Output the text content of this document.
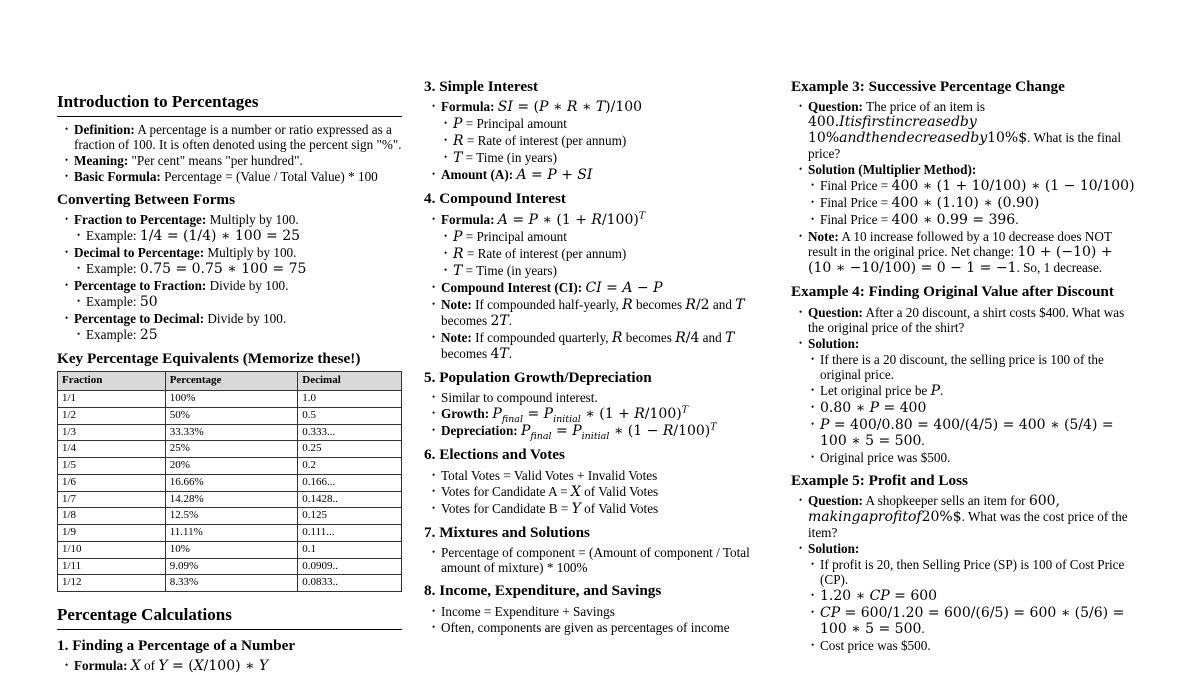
Introduction to Percentages
• Definition: A percentage is a number or ratio expressed as a fraction of 100. It is often denoted using the percent sign "%".
• Meaning: "Per cent" means "per hundred".
• Basic Formula: Percentage = (Value / Total Value) * 100
Converting Between Forms
• Fraction to Percentage: Multiply by 100.
• Example: 1/4 = (1/4) ∗ 100 = 25
• Decimal to Percentage: Multiply by 100.
• Example: 0.75 = 0.75 ∗ 100 = 75
• Percentage to Fraction: Divide by 100.
• Example: 50
• Percentage to Decimal: Divide by 100.
• Example: 25
Key Percentage Equivalents (Memorize these!)
Fraction	Percentage	Decimal
1/1	100%	1.0
1/2	50%	0.5
1/3	33.33%	0.333...
1/4	25%	0.25
1/5	20%	0.2
1/6	16.66%	0.166...
1/7	14.28%	0.1428..
1/8	12.5%	0.125
1/9	11.11%	0.111...
1/10	10%	0.1
1/11	9.09%	0.0909..
1/12	8.33%	0.0833..
Percentage Calculations
1. Finding a Percentage of a Number
• Formula: X of Y = (X/100) ∗ Y
3. Simple Interest
• Formula: SI = (P ∗ R ∗ T)/100
• P = Principal amount
• R = Rate of interest (per annum)
• T = Time (in years)
• Amount (A): A = P + SI
4. Compound Interest
• Formula: A = P ∗ $(1 + R/100)^T$
• P = Principal amount
• R = Rate of interest (per annum)
• T = Time (in years)
• Compound Interest (CI): CI = A − P
• Note: If compounded half-yearly, R becomes R/2 and T becomes 2T.
• Note: If compounded quarterly, R becomes R/4 and T becomes 4T.
5. Population Growth/Depreciation
• Similar to compound interest.
• Growth: $P_{final} = P_{initial}$ ∗ $(1 + R/100)^T$
• Depreciation: $P_{final} = P_{initial}$ ∗ $(1 - R/100)^T$
6. Elections and Votes
• Total Votes = Valid Votes + Invalid Votes
• Votes for Candidate A = X of Valid Votes
• Votes for Candidate B = Y of Valid Votes
7. Mixtures and Solutions
• Percentage of component = (Amount of component / Total amount of mixture) * 100%
8. Income, Expenditure, and Savings
• Income = Expenditure + Savings
• Often, components are given as percentages of income
Example 3: Successive Percentage Change
• Question: The price of an item is 400.Itisfirstincreasedby 10%andthendecreasedby10%$. What is the final price?
• Solution (Multiplier Method):
• Final Price = 400 ∗ (1 + 10/100) ∗ (1 − 10/100)
• Final Price = 400 ∗ (1.10) ∗ (0.90)
• Final Price = 400 ∗ 0.99 = 396.
• Note: A 10 increase followed by a 10 decrease does NOT result in the original price. Net change: 10 + (−10) + (10 ∗ −10/100) = 0 − 1 = −1. So, 1 decrease.
Example 4: Finding Original Value after Discount
• Question: After a 20 discount, a shirt costs $400. What was the original price of the shirt?
• Solution:
• If there is a 20 discount, the selling price is 100 of the original price.
• Let original price be P.
• 0.80 ∗ P = 400
• P = 400/0.80 = 400/(4/5) = 400 ∗ (5/4) = 100 ∗ 5 = 500.
• Original price was $500.
Example 5: Profit and Loss
• Question: A shopkeeper sells an item for 600, makingaprofitof20%$. What was the cost price of the item?
• Solution:
• If profit is 20, then Selling Price (SP) is 100 of Cost Price (CP).
• 1.20 ∗ CP = 600
• CP = 600/1.20 = 600/(6/5) = 600 ∗ (5/6) = 100 ∗ 5 = 500.
• Cost price was $500.
